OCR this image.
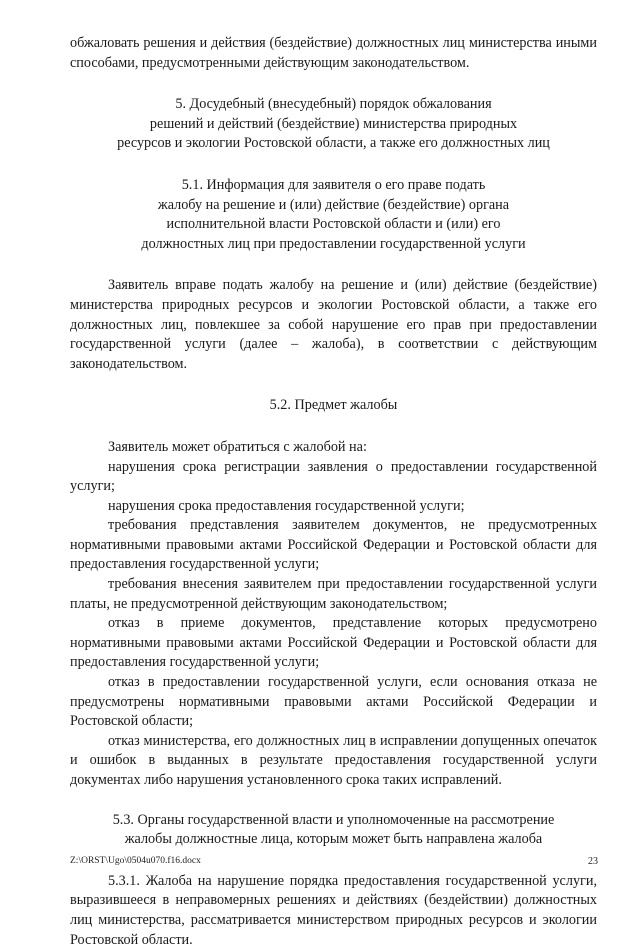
обжаловать решения и действия (бездействие) должностных лиц министерства иными способами, предусмотренными действующим законодательством.

5. Досудебный (внесудебный) порядок обжалования

решений и действий (бездействие) министерства природных

ресурсов и экологии Ростовской области, а также его должностных лиц

5.1. Информация для заявителя о его праве подать

жалобу на решение и (или) действие (бездействие) органа

исполнительной власти Ростовской области и (или) его

должностных лиц при предоставлении государственной услуги

Заявитель вправе подать жалобу на решение и (или) действие (бездействие) министерства природных ресурсов и экологии Ростовской области, а также его должностных лиц, повлекшее за собой нарушение его прав при предоставлении государственной услуги (далее – жалоба), в соответствии с действующим законодательством.

5.2. Предмет жалобы

Заявитель может обратиться с жалобой на:

нарушения срока регистрации заявления о предоставлении государственной услуги;

нарушения срока предоставления государственной услуги;

требования представления заявителем документов, не предусмотренных нормативными правовыми актами Российской Федерации и Ростовской области для предоставления государственной услуги;

требования внесения заявителем при предоставлении государственной услуги платы, не предусмотренной действующим законодательством;

отказ в приеме документов, представление которых предусмотрено нормативными правовыми актами Российской Федерации и Ростовской области для предоставления государственной услуги;

отказ в предоставлении государственной услуги, если основания отказа не предусмотрены нормативными правовыми актами Российской Федерации и Ростовской области;

отказ министерства, его должностных лиц в исправлении допущенных опечаток и ошибок в выданных в результате предоставления государственной услуги документах либо нарушения установленного срока таких исправлений.

5.3. Органы государственной власти и уполномоченные на рассмотрение

жалобы должностные лица, которым может быть направлена жалоба

5.3.1. Жалоба на нарушение порядка предоставления государственной услуги, выразившееся в неправомерных решениях и действиях (бездействии) должностных лиц министерства, рассматривается министерством природных ресурсов и экологии Ростовской области.

Z:\ORST\Ugo\0504u070.f16.docx	23
